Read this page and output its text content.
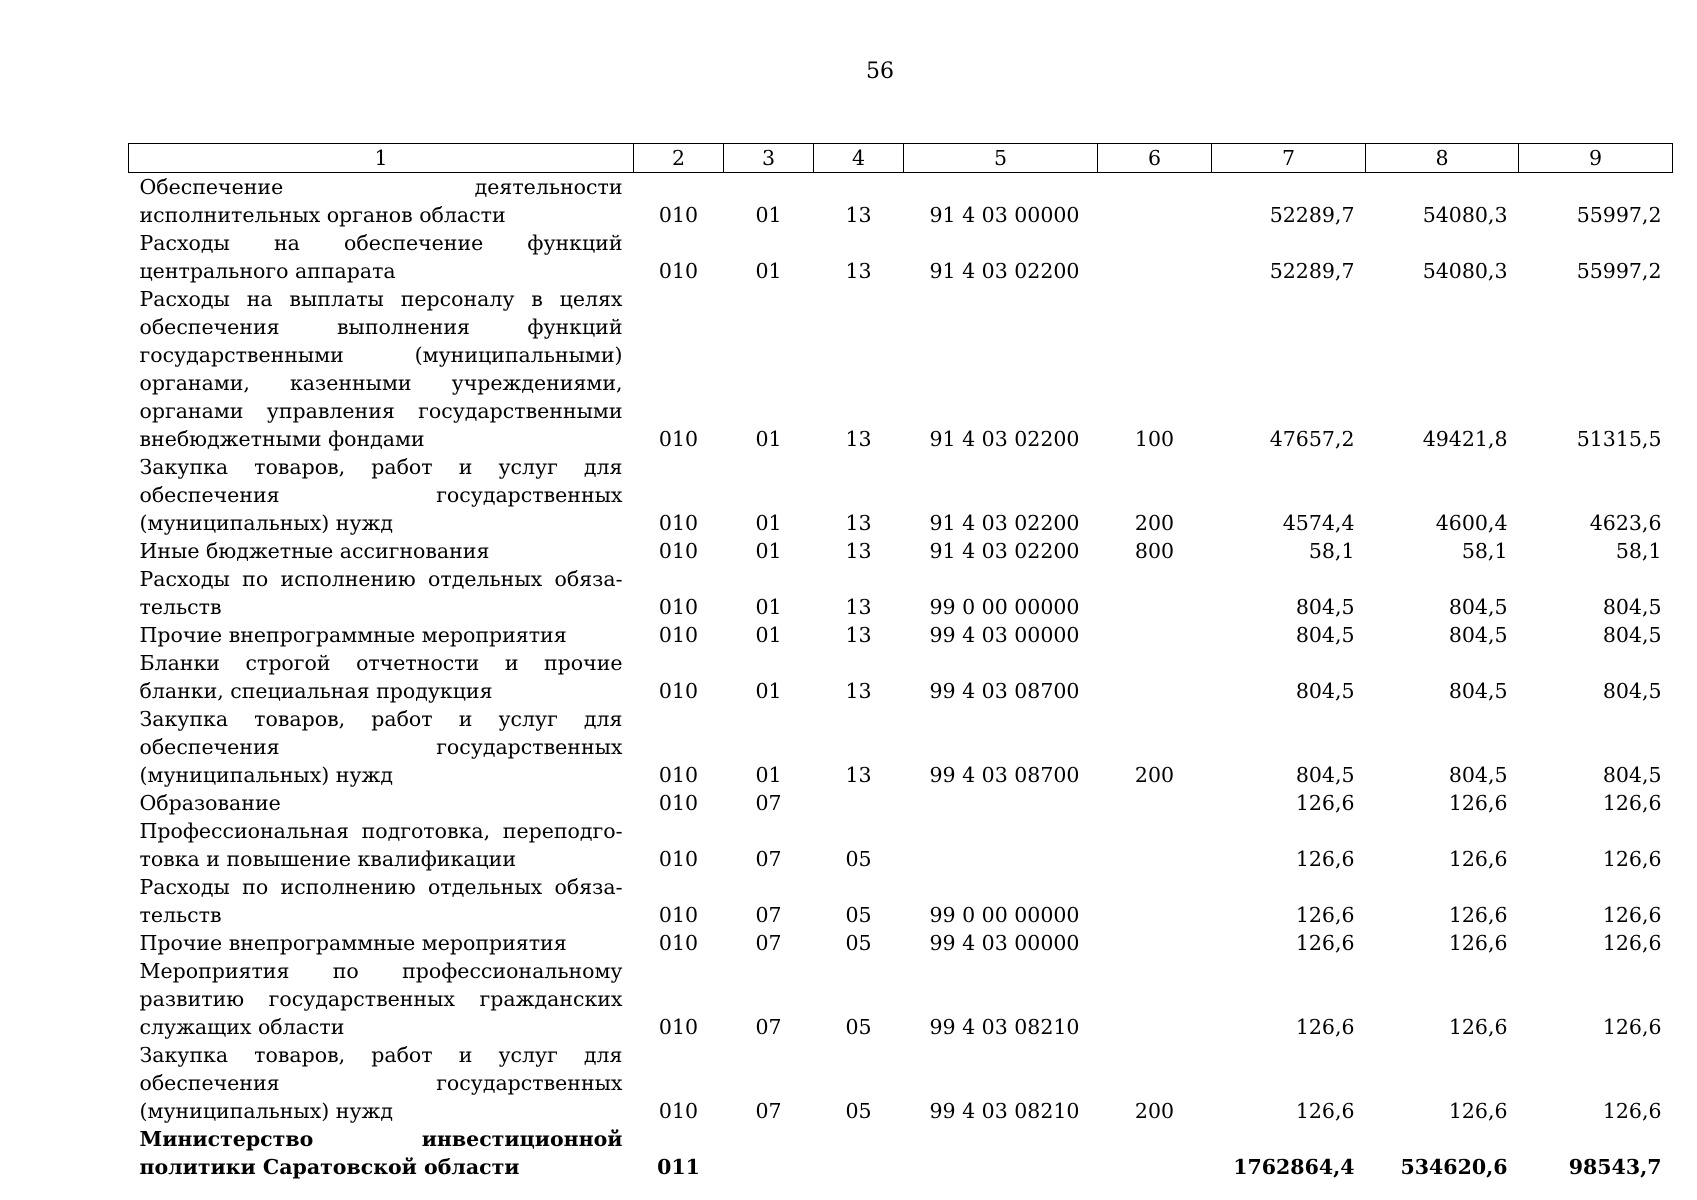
56
1	2	3	4	5	6	7	8	9
Обеспечение деятельности исполнительных органов области	010	01	13	91 4 03 00000		52289,7	54080,3	55997,2
Расходы на обеспечение функций центрального аппарата	010	01	13	91 4 03 02200		52289,7	54080,3	55997,2
Расходы на выплаты персоналу в целях обеспечения выполнения функций государственными (муниципальными) органами, казенными учреждениями, органами управления государственными внебюджетными фондами	010	01	13	91 4 03 02200	100	47657,2	49421,8	51315,5
Закупка товаров, работ и услуг для обеспечения государственных (муниципальных) нужд	010	01	13	91 4 03 02200	200	4574,4	4600,4	4623,6
Иные бюджетные ассигнования	010	01	13	91 4 03 02200	800	58,1	58,1	58,1
Расходы по исполнению отдельных обязательств	010	01	13	99 0 00 00000		804,5	804,5	804,5
Прочие внепрограммные мероприятия	010	01	13	99 4 03 00000		804,5	804,5	804,5
Бланки строгой отчетности и прочие бланки, специальная продукция	010	01	13	99 4 03 08700		804,5	804,5	804,5
Закупка товаров, работ и услуг для обеспечения государственных (муниципальных) нужд	010	01	13	99 4 03 08700	200	804,5	804,5	804,5
Образование	010	07				126,6	126,6	126,6
Профессиональная подготовка, переподготовка и повышение квалификации	010	07	05			126,6	126,6	126,6
Расходы по исполнению отдельных обязательств	010	07	05	99 0 00 00000		126,6	126,6	126,6
Прочие внепрограммные мероприятия	010	07	05	99 4 03 00000		126,6	126,6	126,6
Мероприятия по профессиональному развитию государственных гражданских служащих области	010	07	05	99 4 03 08210		126,6	126,6	126,6
Закупка товаров, работ и услуг для обеспечения государственных (муниципальных) нужд	010	07	05	99 4 03 08210	200	126,6	126,6	126,6
Министерство инвестиционной политики Саратовской области	011					1762864,4	534620,6	98543,7
